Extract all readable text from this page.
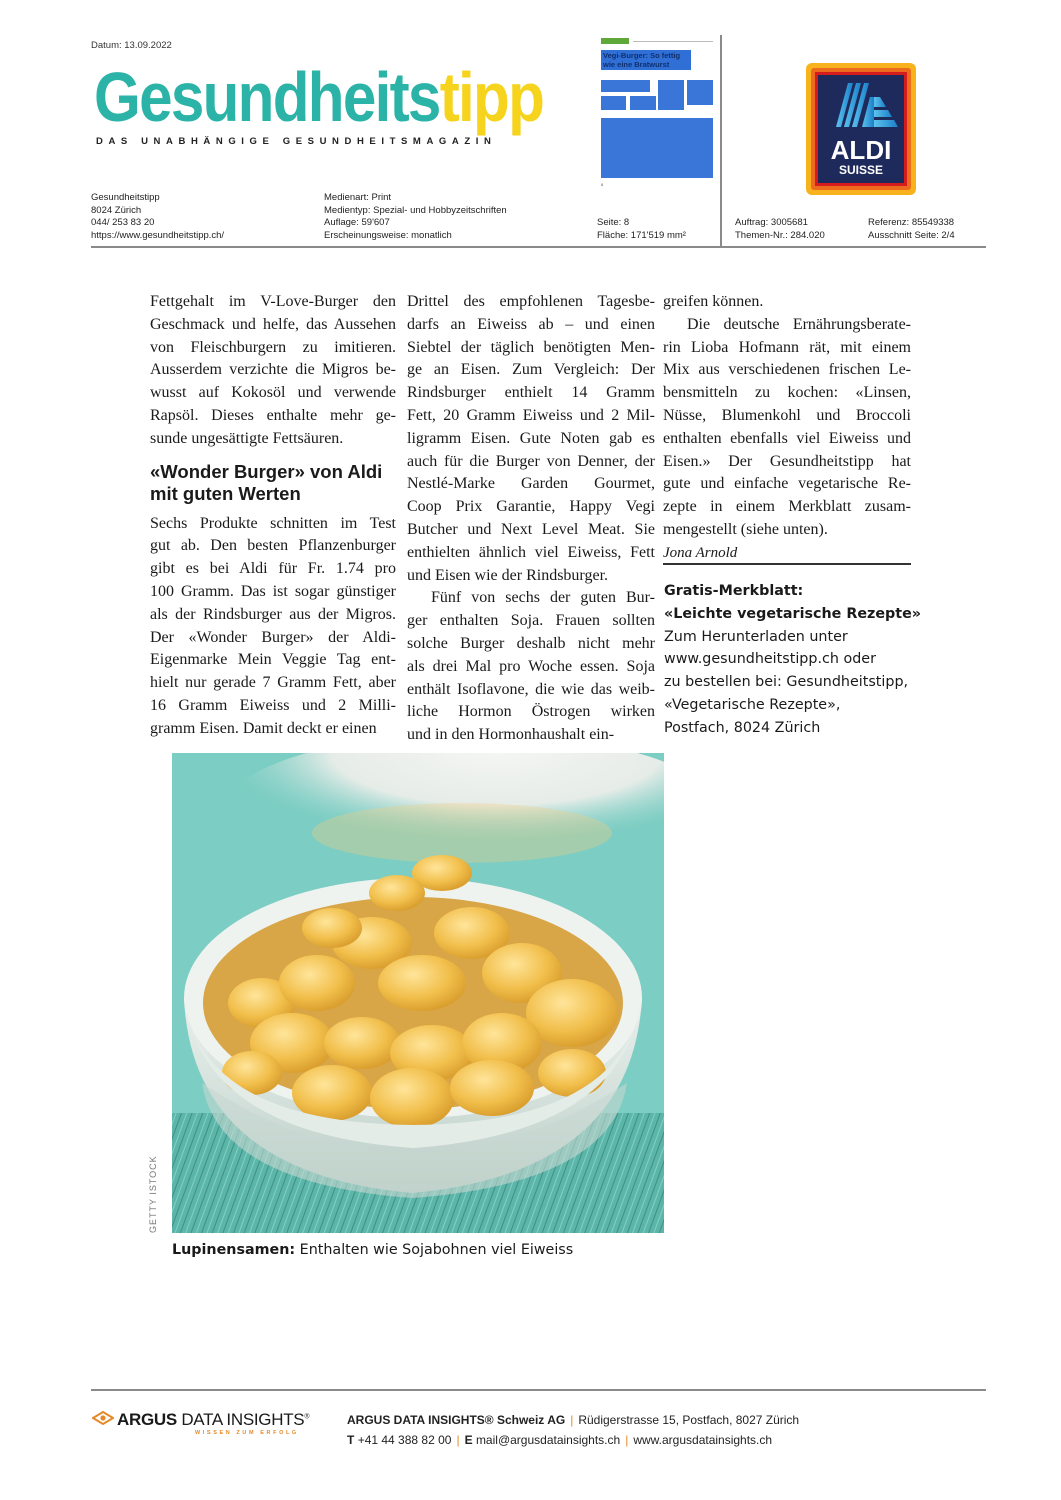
Datum: 13.09.2022
Gesundheitstipp
DAS UNABHÄNGIGE GESUNDHEITSMAGAZIN
Vegi-Burger: So fettig wie eine Bratwurst
8
ALDI
SUISSE
Gesundheitstipp
8024 Zürich
044/ 253 83 20
https://www.gesundheitstipp.ch/
Medienart: Print
Medientyp: Spezial- und Hobbyzeitschriften
Auflage: 59'607
Erscheinungsweise: monatlich
Seite: 8
Fläche: 171'519 mm²
Auftrag: 3005681
Themen-Nr.: 284.020
Referenz: 85549338
Ausschnitt Seite: 2/4
Fettgehalt im V-Love-Burger den
Geschmack und helfe, das Aussehen
von Fleischburgern zu imitieren.
Ausserdem verzichte die Migros be-
wusst auf Kokosöl und verwende
Rapsöl. Dieses enthalte mehr ge-
sunde ungesättigte Fettsäuren.
«Wonder Burger» von Aldi mit guten Werten
Sechs Produkte schnitten im Test
gut ab. Den besten Pflanzenburger
gibt es bei Aldi für Fr. 1.74 pro
100 Gramm. Das ist sogar günstiger
als der Rindsburger aus der Migros.
Der «Wonder Burger» der Aldi-
Eigenmarke Mein Veggie Tag ent-
hielt nur gerade 7 Gramm Fett, aber
16 Gramm Eiweiss und 2 Milli-
gramm Eisen. Damit deckt er einen
Drittel des empfohlenen Tagesbe-
darfs an Eiweiss ab – und einen
Siebtel der täglich benötigten Men-
ge an Eisen. Zum Vergleich: Der
Rindsburger enthielt 14 Gramm
Fett, 20 Gramm Eiweiss und 2 Mil-
ligramm Eisen. Gute Noten gab es
auch für die Burger von Denner, der
Nestlé-Marke Garden Gourmet,
Coop Prix Garantie, Happy Vegi
Butcher und Next Level Meat. Sie
enthielten ähnlich viel Eiweiss, Fett
und Eisen wie der Rindsburger.
Fünf von sechs der guten Bur-
ger enthalten Soja. Frauen sollten
solche Burger deshalb nicht mehr
als drei Mal pro Woche essen. Soja
enthält Isoflavone, die wie das weib-
liche Hormon Östrogen wirken
und in den Hormonhaushalt ein-
greifen können.
Die deutsche Ernährungsberate-
rin Lioba Hofmann rät, mit einem
Mix aus verschiedenen frischen Le-
bensmitteln zu kochen: «Linsen,
Nüsse, Blumenkohl und Broccoli
enthalten ebenfalls viel Eiweiss und
Eisen.» Der Gesundheitstipp hat
gute und einfache vegetarische Re-
zepte in einem Merkblatt zusam-
mengestellt (siehe unten).
Jona Arnold
Gratis-Merkblatt:
«Leichte vegetarische Rezepte»
Zum Herunterladen unter
www.gesundheitstipp.ch oder
zu bestellen bei: Gesundheitstipp,
«Vegetarische Rezepte»,
Postfach, 8024 Zürich
GETTY ISTOCK
Lupinensamen: Enthalten wie Sojabohnen viel Eiweiss
ARGUS DATA INSIGHTS®
WISSEN ZUM ERFOLG
ARGUS DATA INSIGHTS® Schweiz AG | Rüdigerstrasse 15, Postfach, 8027 Zürich
T +41 44 388 82 00 | E mail@argusdatainsights.ch | www.argusdatainsights.ch
